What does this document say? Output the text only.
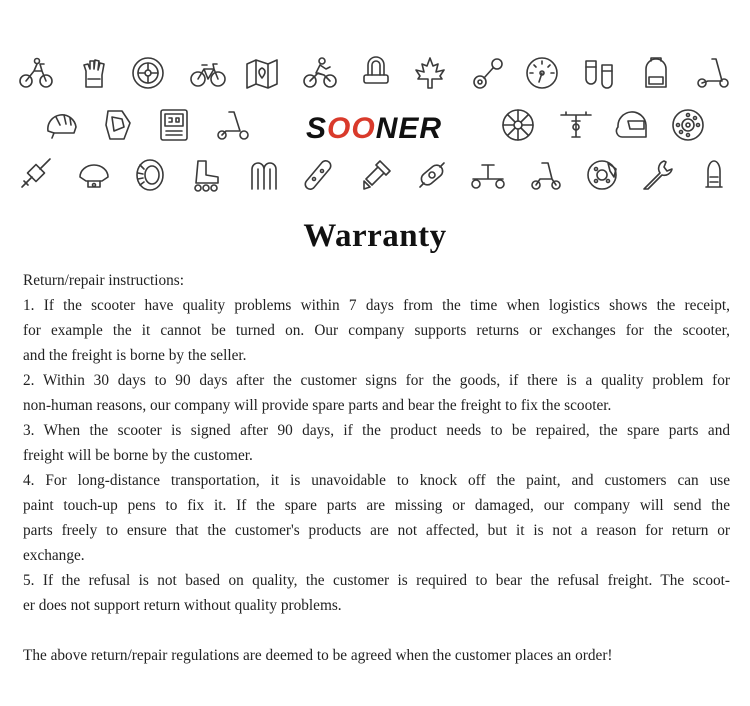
SOONER
Warranty

Return/repair instructions:

1. If the scooter have quality problems within 7 days from the time when logistics shows the receipt,

for example the it cannot be turned on. Our company supports returns or exchanges for the scooter,

and the freight is borne by the seller.

2. Within 30 days to 90 days after the customer signs for the goods, if there is a quality problem for

non-human reasons, our company will provide spare parts and bear the freight to fix the scooter.

3. When the scooter is signed after 90 days, if the product needs to be repaired, the spare parts and

freight will be borne by the customer.

4. For long-distance transportation, it is unavoidable to knock off the paint, and customers can use

paint touch-up pens to fix it. If the spare parts are missing or damaged, our company will send the

parts freely to ensure that the customer's products are not affected, but it is not a reason for return or

exchange.

5. If the refusal is not based on quality, the customer is required to bear the refusal freight. The scoot-

er does not support return without quality problems.

The above return/repair regulations are deemed to be agreed when the customer places an order!
